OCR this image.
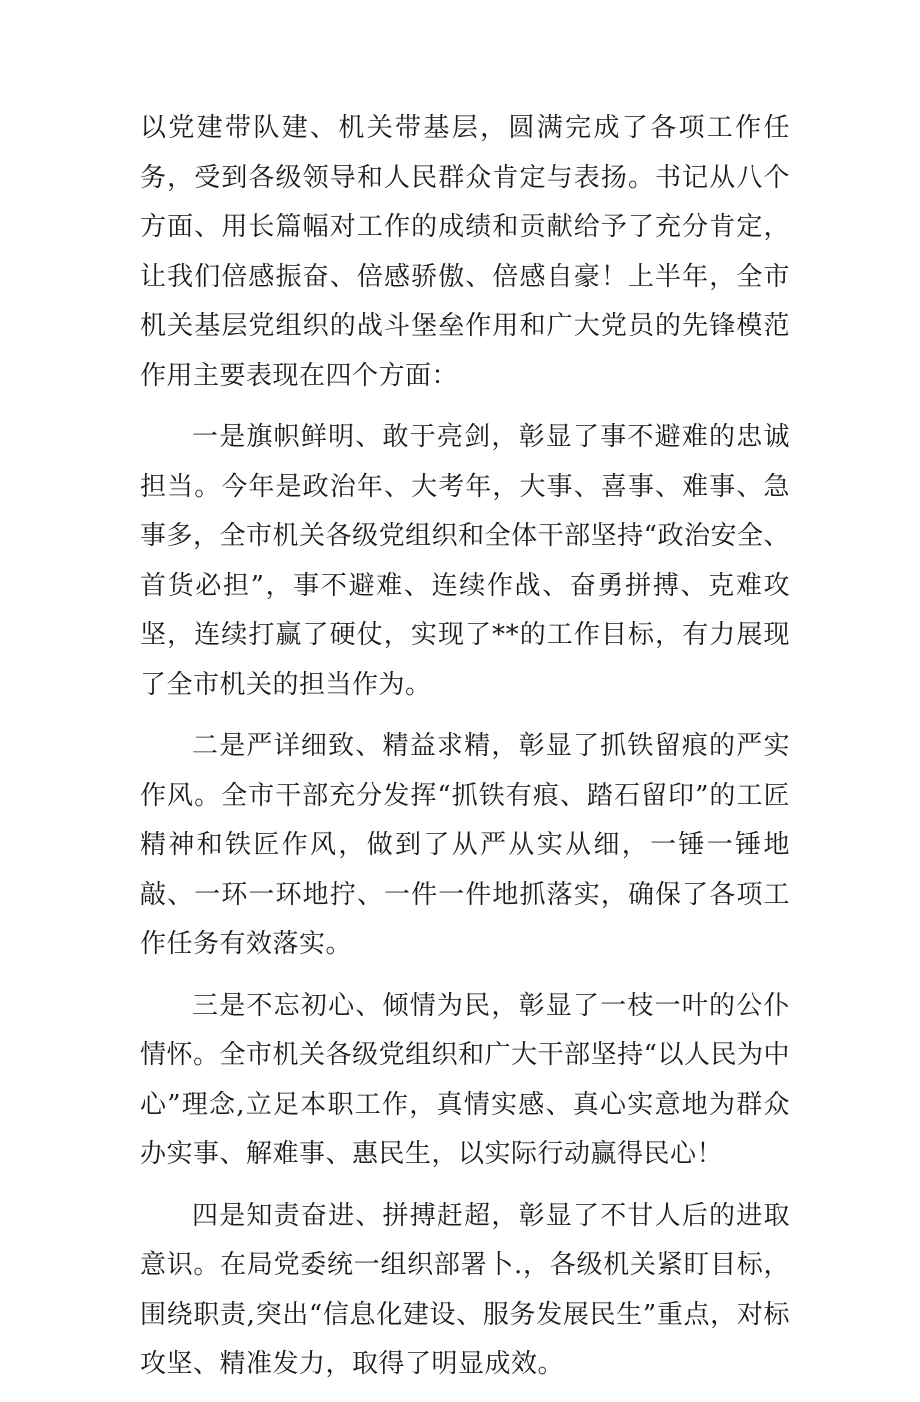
以党建带队建、机关带基层，圆满完成了各项工作任务，受到各级领导和人民群众肯定与表扬。书记从八个方面、用长篇幅对工作的成绩和贡献给予了充分肯定，让我们倍感振奋、倍感骄傲、倍感自豪！上半年，全市机关基层党组织的战斗堡垒作用和广大党员的先锋模范作用主要表现在四个方面：

一是旗帜鲜明、敢于亮剑，彰显了事不避难的忠诚担当。今年是政治年、大考年，大事、喜事、难事、急事多，全市机关各级党组织和全体干部坚持“政治安全、首货必担”，事不避难、连续作战、奋勇拼搏、克难攻坚，连续打赢了硬仗，实现了**的工作目标，有力展现了全市机关的担当作为。

二是严详细致、精益求精，彰显了抓铁留痕的严实作风。全市干部充分发挥“抓铁有痕、踏石留印”的工匠精神和铁匠作风，做到了从严从实从细，一锤一锤地敲、一环一环地拧、一件一件地抓落实，确保了各项工作任务有效落实。

三是不忘初心、倾情为民，彰显了一枝一叶的公仆情怀。全市机关各级党组织和广大干部坚持“以人民为中心”理念,立足本职工作，真情实感、真心实意地为群众办实事、解难事、惠民生，以实际行动赢得民心！

四是知责奋进、拼搏赶超，彰显了不甘人后的进取意识。在局党委统一组织部署卜.，各级机关紧盯目标，围绕职责,突出“信息化建设、服务发展民生”重点，对标攻坚、精准发力，取得了明显成效。
